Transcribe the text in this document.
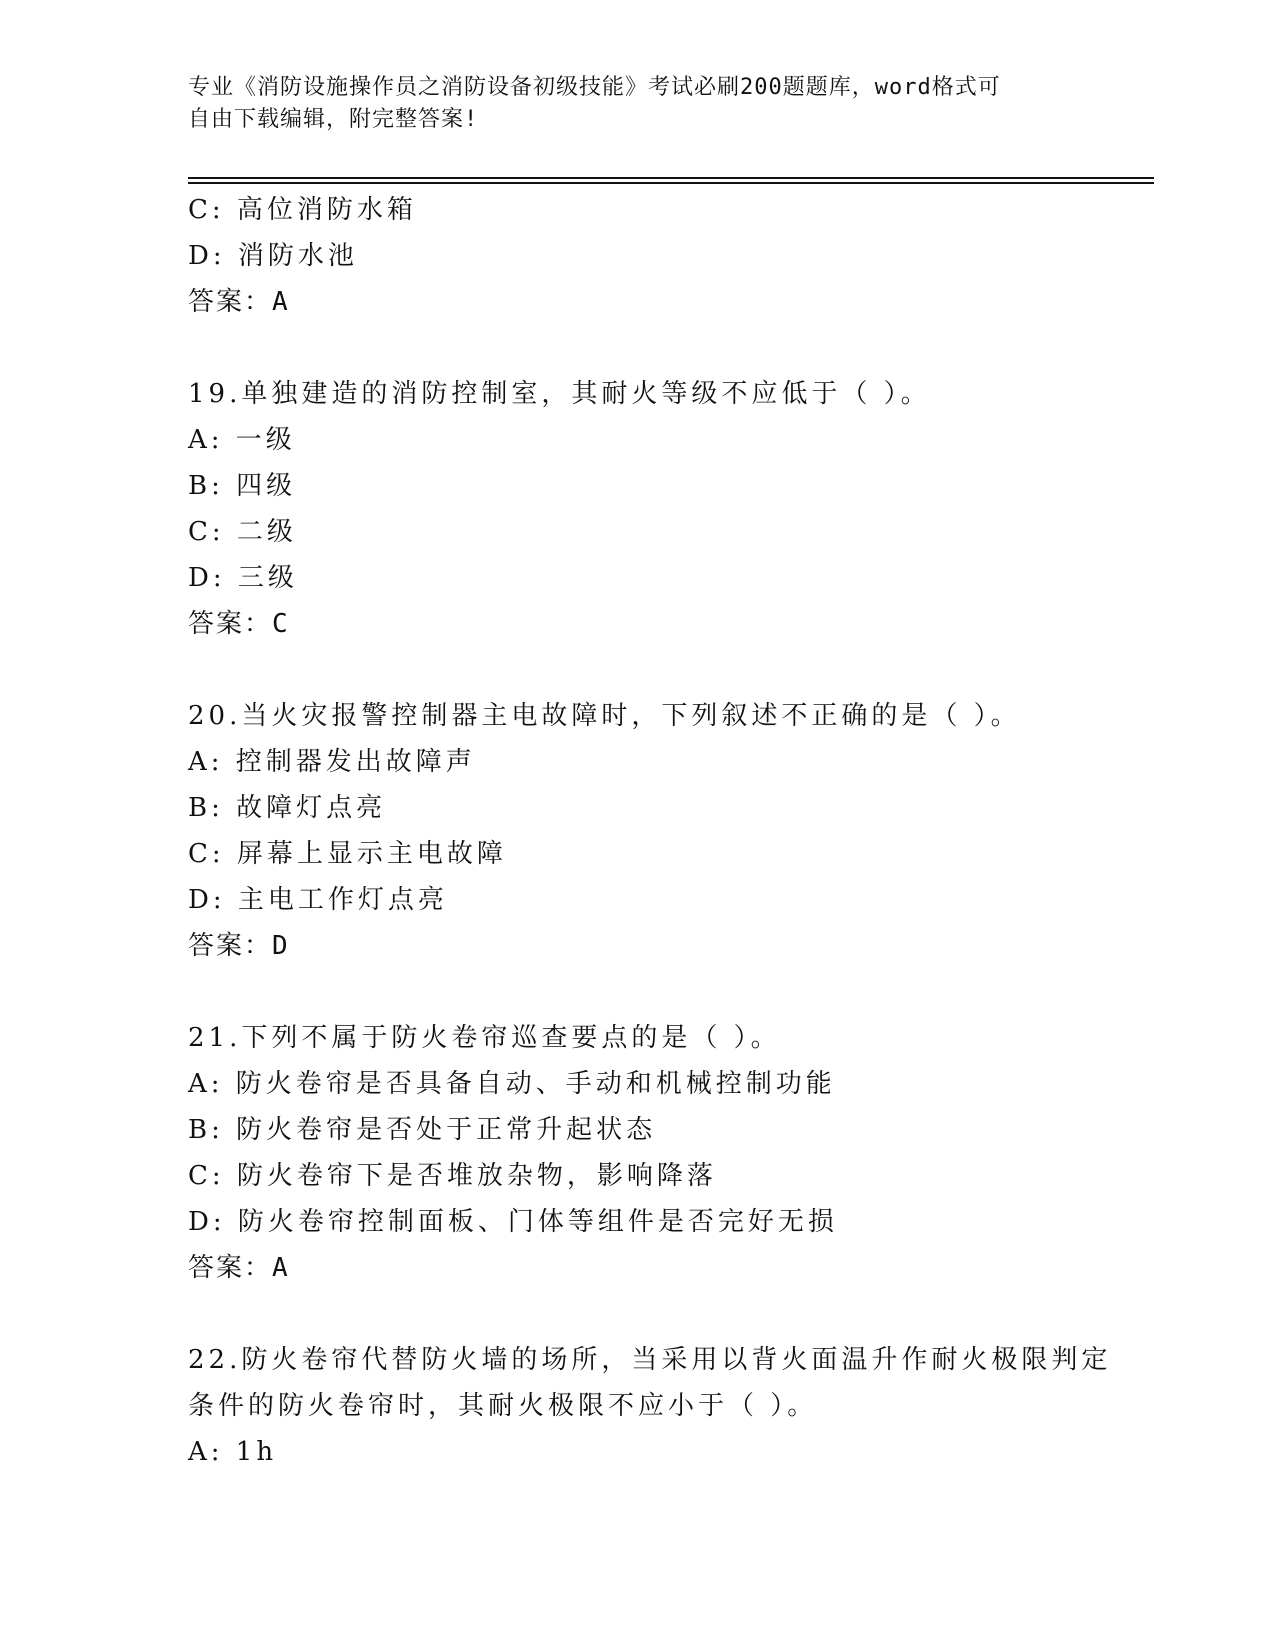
专业《消防设施操作员之消防设备初级技能》考试必刷200题题库，word格式可
自由下载编辑，附完整答案!
C: 高位消防水箱
D: 消防水池
答案：A
19.单独建造的消防控制室，其耐火等级不应低于（ ）。
A: 一级
B: 四级
C: 二级
D: 三级
答案：C
20.当火灾报警控制器主电故障时，下列叙述不正确的是（ ）。
A: 控制器发出故障声
B: 故障灯点亮
C: 屏幕上显示主电故障
D: 主电工作灯点亮
答案：D
21.下列不属于防火卷帘巡查要点的是（ ）。
A: 防火卷帘是否具备自动、手动和机械控制功能
B: 防火卷帘是否处于正常升起状态
C: 防火卷帘下是否堆放杂物，影响降落
D: 防火卷帘控制面板、门体等组件是否完好无损
答案：A
22.防火卷帘代替防火墙的场所，当采用以背火面温升作耐火极限判定
条件的防火卷帘时，其耐火极限不应小于（ ）。
A: 1h
